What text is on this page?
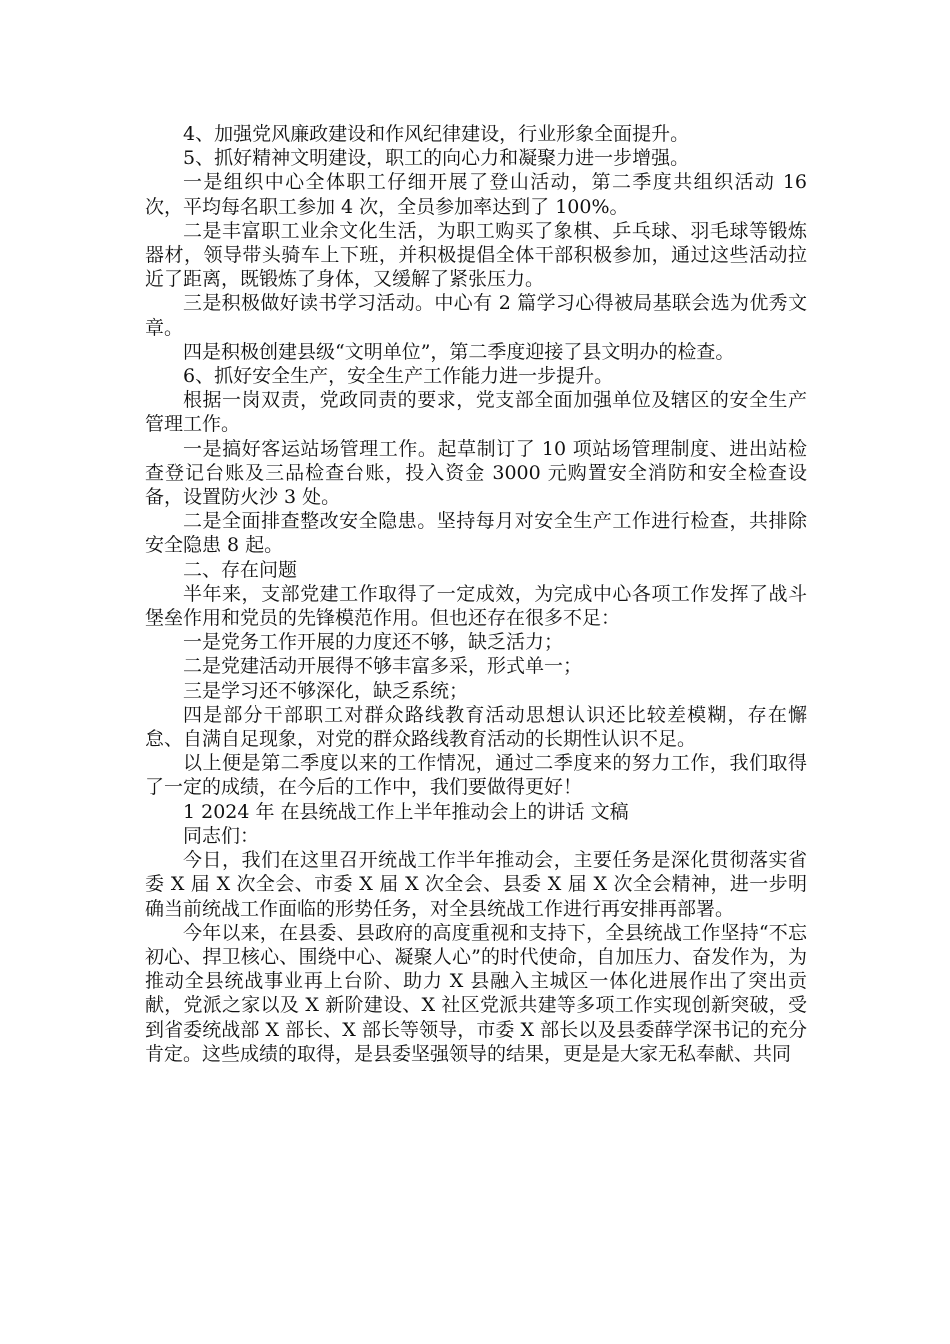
4、加强党风廉政建设和作风纪律建设，行业形象全面提升。

5、抓好精神文明建设，职工的向心力和凝聚力进一步增强。

一是组织中心全体职工仔细开展了登山活动，第二季度共组织活动 16 次，平均每名职工参加 4 次，全员参加率达到了 100%。

二是丰富职工业余文化生活，为职工购买了象棋、乒乓球、羽毛球等锻炼器材，领导带头骑车上下班，并积极提倡全体干部积极参加，通过这些活动拉近了距离，既锻炼了身体，又缓解了紧张压力。

三是积极做好读书学习活动。中心有 2 篇学习心得被局基联会选为优秀文章。

四是积极创建县级“文明单位”，第二季度迎接了县文明办的检查。

6、抓好安全生产，安全生产工作能力进一步提升。

根据一岗双责，党政同责的要求，党支部全面加强单位及辖区的安全生产管理工作。

一是搞好客运站场管理工作。起草制订了 10 项站场管理制度、进出站检查登记台账及三品检查台账，投入资金 3000 元购置安全消防和安全检查设备，设置防火沙 3 处。

二是全面排查整改安全隐患。坚持每月对安全生产工作进行检查，共排除安全隐患 8 起。

二、存在问题

半年来，支部党建工作取得了一定成效，为完成中心各项工作发挥了战斗堡垒作用和党员的先锋模范作用。但也还存在很多不足：

一是党务工作开展的力度还不够，缺乏活力；

二是党建活动开展得不够丰富多采，形式单一；

三是学习还不够深化，缺乏系统；

四是部分干部职工对群众路线教育活动思想认识还比较差模糊，存在懈怠、自满自足现象，对党的群众路线教育活动的长期性认识不足。

以上便是第二季度以来的工作情况，通过二季度来的努力工作，我们取得了一定的成绩，在今后的工作中，我们要做得更好！

1 2024 年 在县统战工作上半年推动会上的讲话 文稿

同志们：

今日，我们在这里召开统战工作半年推动会，主要任务是深化贯彻落实省委 X 届 X 次全会、市委 X 届 X 次全会、县委 X 届 X 次全会精神，进一步明确当前统战工作面临的形势任务，对全县统战工作进行再安排再部署。

今年以来，在县委、县政府的高度重视和支持下，全县统战工作坚持“不忘初心、捍卫核心、围绕中心、凝聚人心”的时代使命，自加压力、奋发作为，为推动全县统战事业再上台阶、助力 X 县融入主城区一体化进展作出了突出贡献，党派之家以及 X 新阶建设、X 社区党派共建等多项工作实现创新突破，受到省委统战部 X 部长、X 部长等领导，市委 X 部长以及县委薛学深书记的充分肯定。这些成绩的取得，是县委坚强领导的结果，更是是大家无私奉献、共同
